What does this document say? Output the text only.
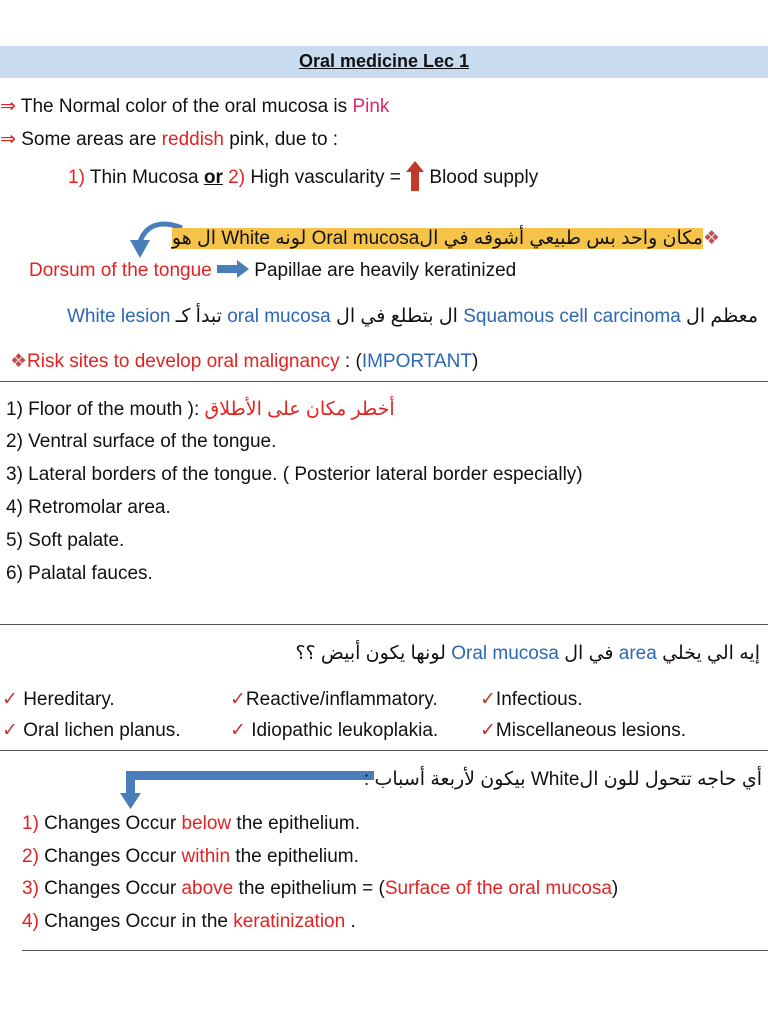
Oral medicine Lec 1
⇒ The Normal color of the oral mucosa is Pink
⇒ Some areas are reddish pink, due to :
1) Thin Mucosa or 2) High vascularity =  Blood supply
❖مكان واحد بس طبيعي أشوفه في الOral mucosa لونه White ال هو
Dorsum of the tongue Papillae are heavily keratinized
معظم ال Squamous cell carcinoma ال بتطلع في ال oral mucosa تبدأ كـ White lesion
❖Risk sites to develop oral malignancy : (IMPORTANT)
1) Floor of the mouth ): أخطر مكان على الأطلاق
2) Ventral surface of the tongue.
3) Lateral borders of the tongue. ( Posterior lateral border especially)
4) Retromolar area.
5) Soft palate.
6) Palatal fauces.
إيه الي يخلي area في ال Oral mucosa لونها يكون أبيض ؟؟
✓ Hereditary.	✓Reactive/inflammatory. ✓Infectious.
✓ Oral lichen planus.	✓ Idiopathic leukoplakia. ✓Miscellaneous lesions.
أي حاجه تتحول للون الWhite بيكون لأربعة أسباب :
1) Changes Occur below the epithelium.
2) Changes Occur within the epithelium.
3) Changes Occur above the epithelium = (Surface of the oral mucosa)
4) Changes Occur in the keratinization .
